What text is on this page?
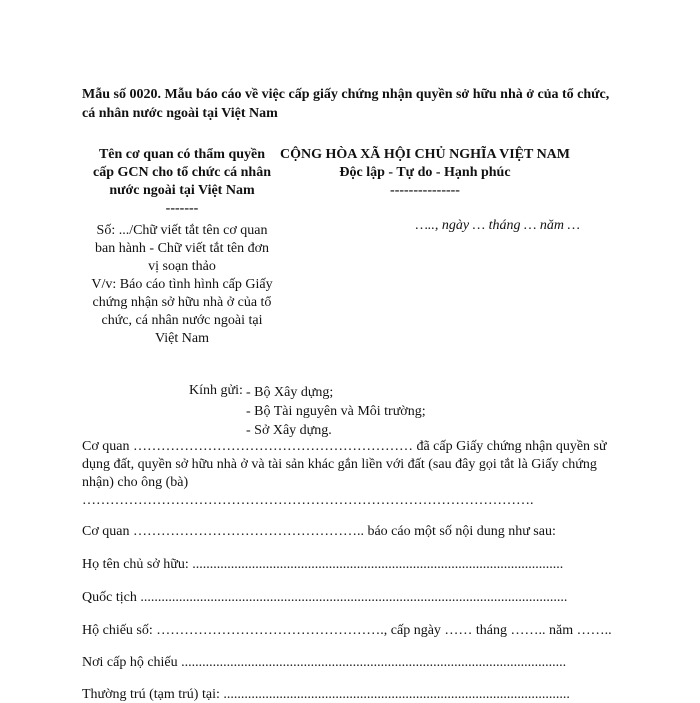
Mẫu số 0020. Mẫu báo cáo về việc cấp giấy chứng nhận quyền sở hữu nhà ở của tổ chức, cá nhân nước ngoài tại Việt Nam
Tên cơ quan có thẩm quyền
cấp GCN cho tổ chức cá nhân
nước ngoài tại Việt Nam
-------
Số: .../Chữ viết tắt tên cơ quan
ban hành - Chữ viết tắt tên đơn
vị soạn thảo
V/v: Báo cáo tình hình cấp Giấy
chứng nhận sở hữu nhà ở của tổ
chức, cá nhân nước ngoài tại
Việt Nam
CỘNG HÒA XÃ HỘI CHỦ NGHĨA VIỆT NAM
Độc lập - Tự do - Hạnh phúc
---------------
….., ngày … tháng … năm …
Kính gửi: - Bộ Xây dựng;
- Bộ Tài nguyên và Môi trường;
- Sở Xây dựng.
Cơ quan …………………………………………………… đã cấp Giấy chứng nhận quyền sử dụng đất, quyền sở hữu nhà ở và tài sản khác gắn liền với đất (sau đây gọi tắt là Giấy chứng nhận) cho ông (bà)
…………………………………………………………………………………….
Cơ quan ………………………………………….. báo cáo một số nội dung như sau:
Họ tên chủ sở hữu: ..........................................................................................................
Quốc tịch ..........................................................................................................................
Hộ chiếu số: …………………………………………., cấp ngày …… tháng …….. năm ……..
Nơi cấp hộ chiếu ..............................................................................................................
Thường trú (tạm trú) tại: ...................................................................................................
